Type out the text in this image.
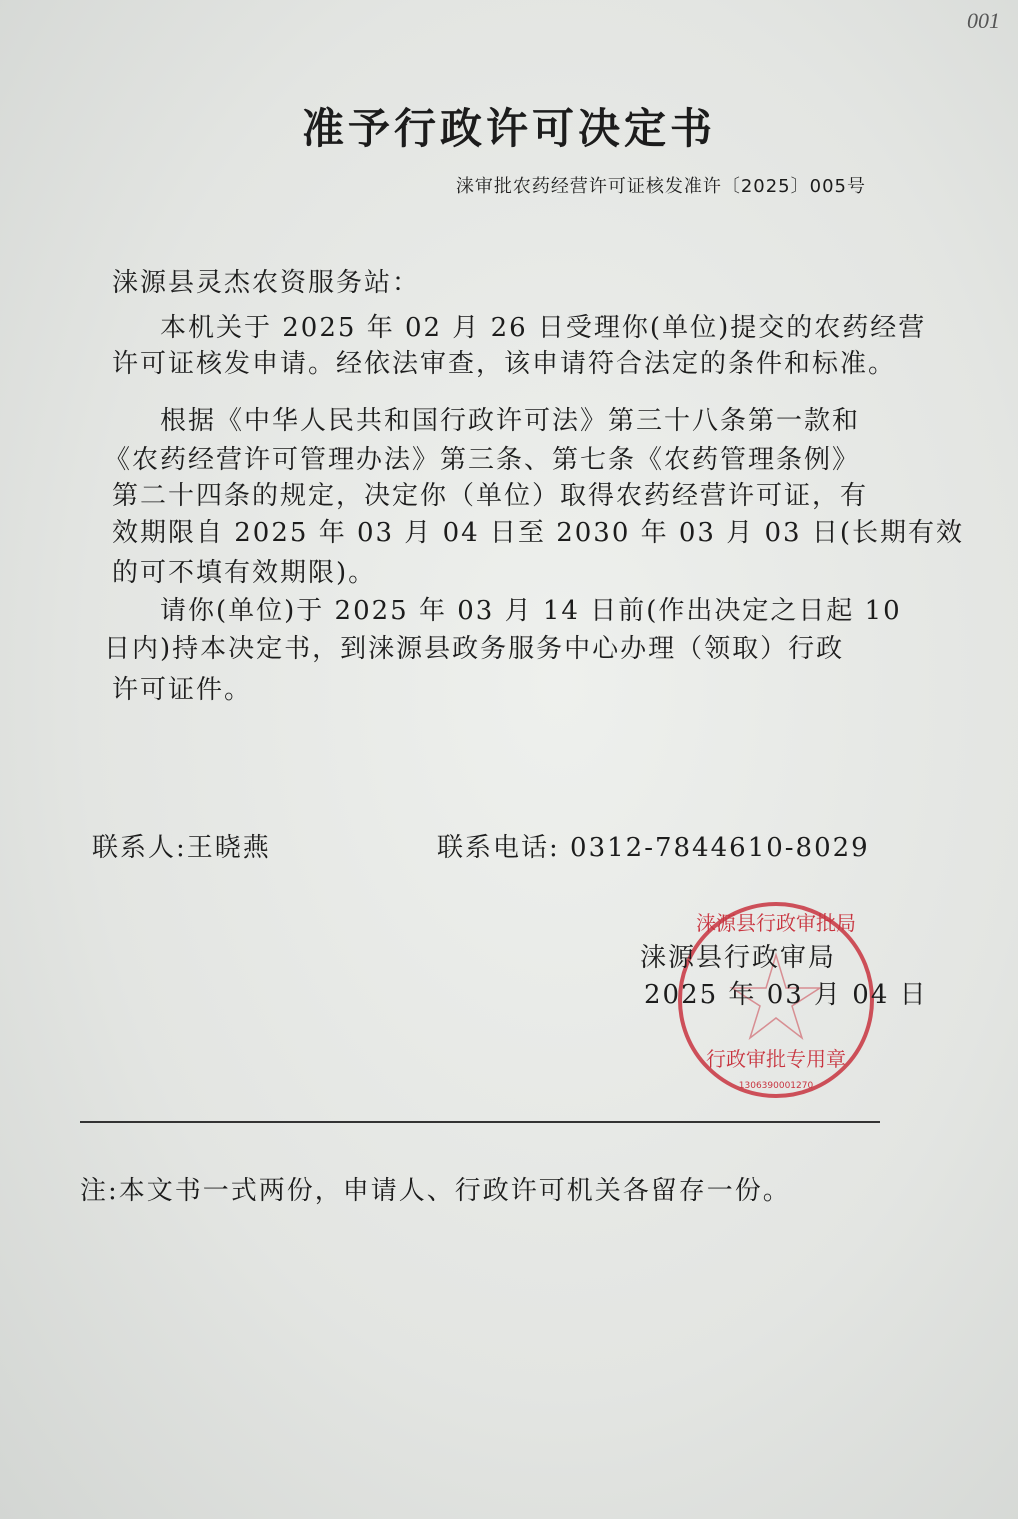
001
准予行政许可决定书
涞审批农药经营许可证核发准许〔2025〕005号
涞源县灵杰农资服务站：
本机关于 2025 年 02 月 26 日受理你(单位)提交的农药经营
许可证核发申请。经依法审查，该申请符合法定的条件和标准。
根据《中华人民共和国行政许可法》第三十八条第一款和
《农药经营许可管理办法》第三条、第七条《农药管理条例》
第二十四条的规定，决定你（单位）取得农药经营许可证，有
效期限自 2025 年 03 月 04 日至 2030 年 03 月 03 日(长期有效
的可不填有效期限)。
请你(单位)于 2025 年 03 月 14 日前(作出决定之日起 10
日内)持本决定书，到涞源县政务服务中心办理（领取）行政
许可证件。
联系人:王晓燕	联系电话: 0312-7844610-8029
涞源县行政审批局
行政审批专用章
1306390001270
涞源县行政审局
2025 年 03 月 04 日
注:本文书一式两份，申请人、行政许可机关各留存一份。
